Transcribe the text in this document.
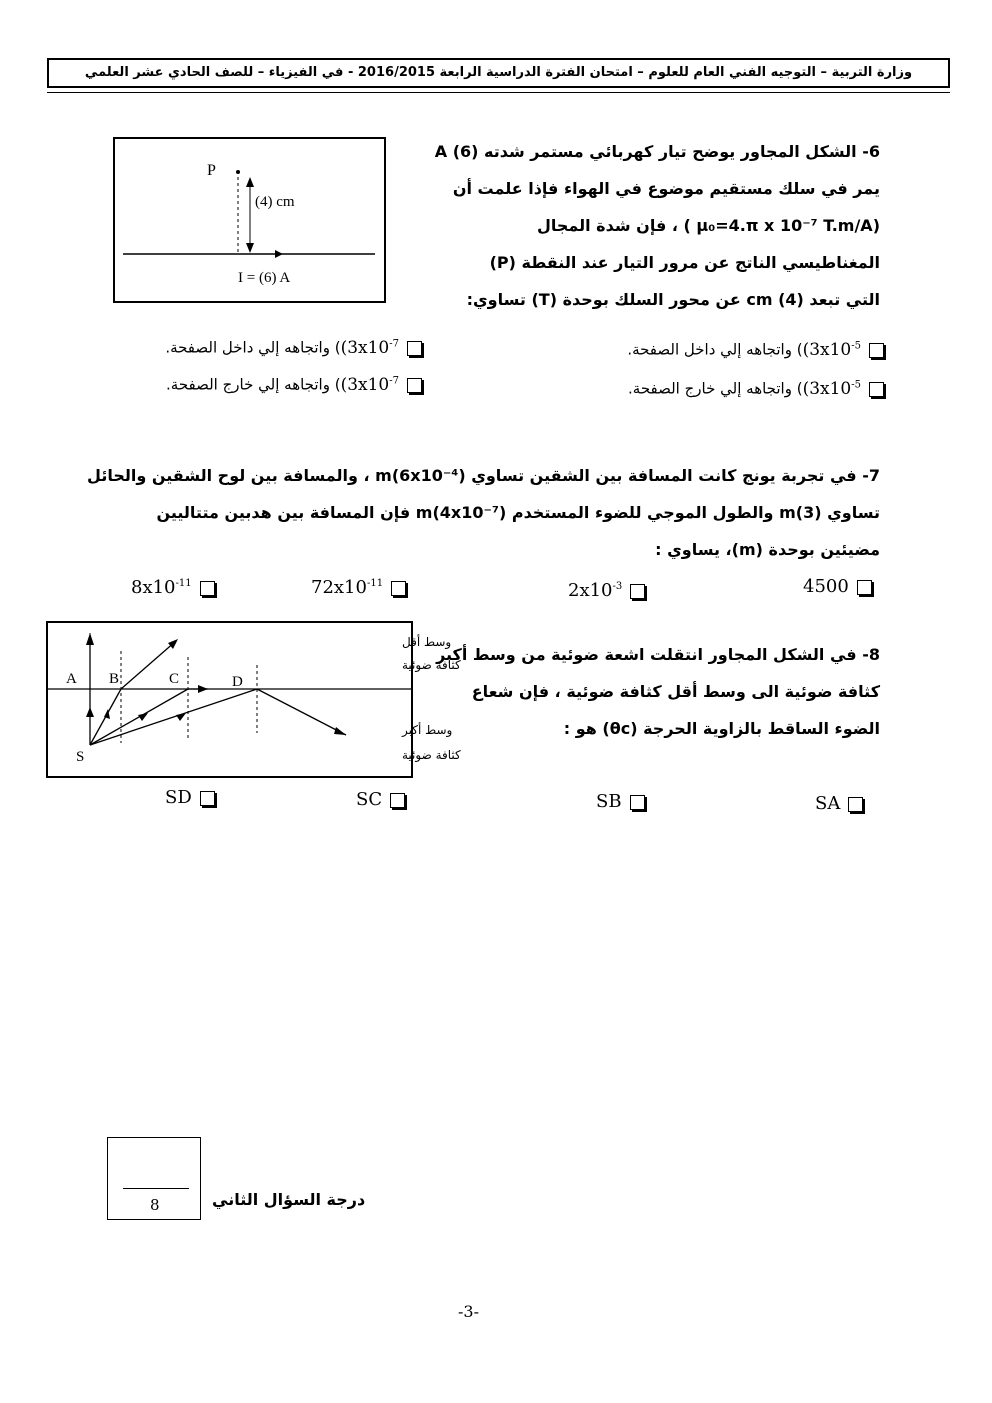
وزارة التربية – التوجيه الفني العام للعلوم – امتحان الفترة الدراسية الرابعة 2016/2015 - في الفيزياء – للصف الحادي عشر العلمي
P
(4) cm
I = (6) A
6- الشكل المجاور يوضح تيار كهربائي مستمر شدته A (6)
يمر في سلك مستقيم موضوع في الهواء فإذا علمت أن
(μ₀=4.π x 10⁻⁷ T.m/A ) ، فإن شدة المجال
المغناطيسي الناتج عن مرور التيار عند النقطة (P)
التي تبعد cm (4) عن محور السلك بوحدة (T) تساوي:
$(3x10^{-5})$ واتجاهه إلي داخل الصفحة.
$(3x10^{-7})$ واتجاهه إلي داخل الصفحة.
$(3x10^{-5})$ واتجاهه إلي خارج الصفحة.
$(3x10^{-7})$ واتجاهه إلي خارج الصفحة.
7- في تجربة يونج كانت المسافة بين الشقين تساوي (6x10⁻⁴)m ، والمسافة بين لوح الشقين والحائل
تساوي m(3) والطول الموجي للضوء المستخدم m(4x10⁻⁷) فإن المسافة بين هدبين متتاليين
مضيئين بوحدة (m)، يساوي :
4500
$2x10^{-3}$
$72x10^{-11}$
$8x10^{-11}$
A B	C	D
S
وسط أقل
كثافة ضوئية
وسط أكبر
كثافة ضوئية
8- في الشكل المجاور انتقلت اشعة ضوئية من وسط أكبر
كثافة ضوئية الى وسط أقل كثافة ضوئية ، فإن شعاع
الضوء الساقط بالزاوية الحرجة (θc) هو :
SA
SB
SC
SD
8	درجة السؤال الثاني
-3-
